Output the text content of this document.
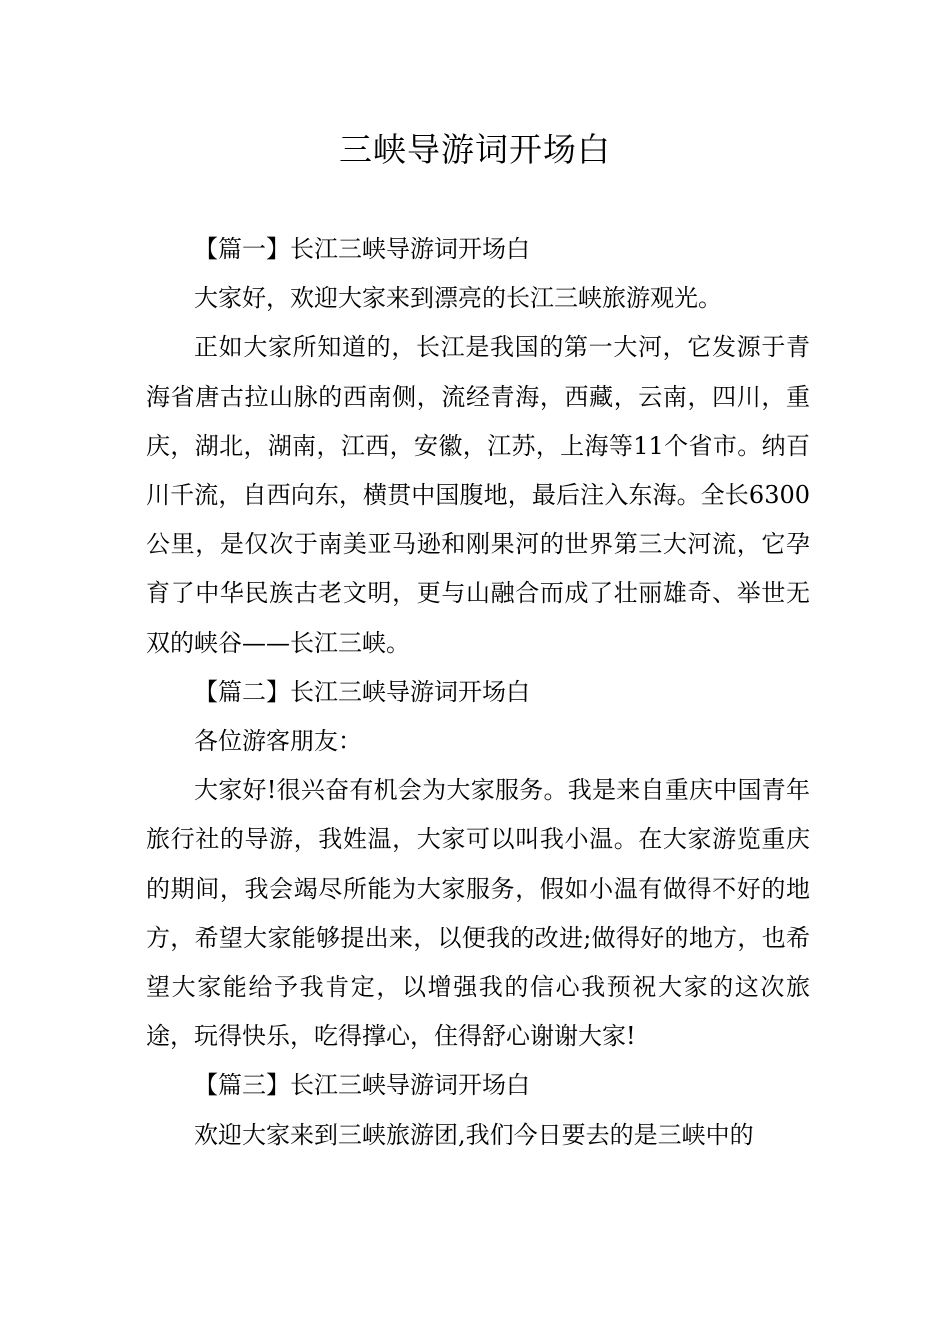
三峡导游词开场白

【篇一】长江三峡导游词开场白

大家好，欢迎大家来到漂亮的长江三峡旅游观光。

正如大家所知道的，长江是我国的第一大河，它发源于青海省唐古拉山脉的西南侧，流经青海，西藏，云南，四川，重庆，湖北，湖南，江西，安徽，江苏，上海等11个省市。纳百川千流，自西向东，横贯中国腹地，最后注入东海。全长6300公里，是仅次于南美亚马逊和刚果河的世界第三大河流，它孕育了中华民族古老文明，更与山融合而成了壮丽雄奇、举世无双的峡谷——长江三峡。

【篇二】长江三峡导游词开场白

各位游客朋友：

大家好!很兴奋有机会为大家服务。我是来自重庆中国青年旅行社的导游，我姓温，大家可以叫我小温。在大家游览重庆的期间，我会竭尽所能为大家服务，假如小温有做得不好的地方，希望大家能够提出来，以便我的改进;做得好的地方，也希望大家能给予我肯定，以增强我的信心我预祝大家的这次旅途，玩得快乐，吃得撑心，住得舒心谢谢大家!

【篇三】长江三峡导游词开场白

欢迎大家来到三峡旅游团,我们今日要去的是三峡中的
